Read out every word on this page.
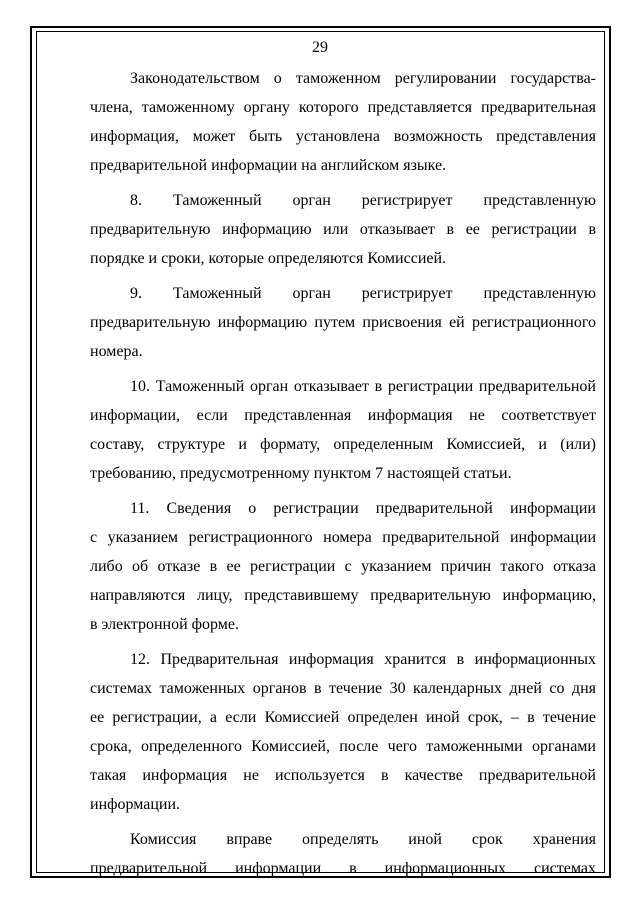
29
Законодательством о таможенном регулировании государства-
члена, таможенному органу которого представляется предварительная
информация, может быть установлена возможность представления
предварительной информации на английском языке.
8. Таможенный орган регистрирует представленную
предварительную информацию или отказывает в ее регистрации в
порядке и сроки, которые определяются Комиссией.
9. Таможенный орган регистрирует представленную
предварительную информацию путем присвоения ей регистрационного
номера.
10. Таможенный орган отказывает в регистрации предварительной
информации, если представленная информация не соответствует
составу, структуре и формату, определенным Комиссией, и (или)
требованию, предусмотренному пунктом 7 настоящей статьи.
11. Сведения о регистрации предварительной информации
с указанием регистрационного номера предварительной информации
либо об отказе в ее регистрации с указанием причин такого отказа
направляются лицу, представившему предварительную информацию,
в электронной форме.
12. Предварительная информация хранится в информационных
системах таможенных органов в течение 30 календарных дней со дня
ее регистрации, а если Комиссией определен иной срок, – в течение
срока, определенного Комиссией, после чего таможенными органами
такая информация не используется в качестве предварительной
информации.
Комиссия вправе определять иной срок хранения
предварительной информации в информационных системах
